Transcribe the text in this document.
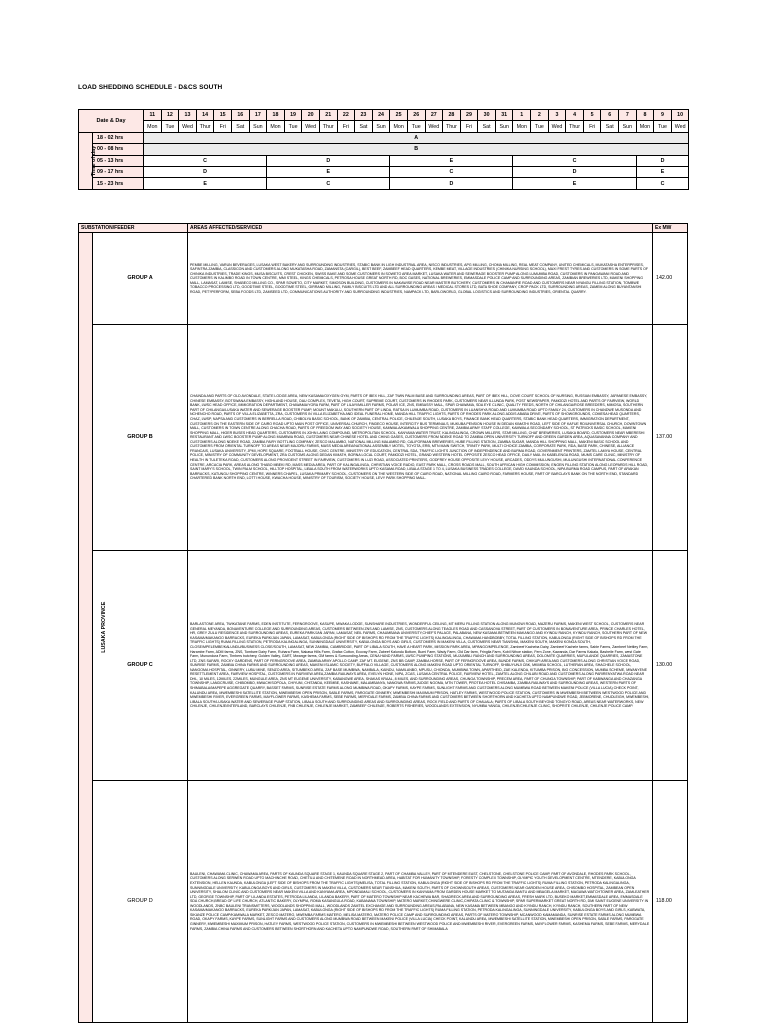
LOAD SHEDDING SCHEDULE - D&CS SOUTH
Date & Day		11	12	13	14	15	16	17	18	19	20	21	22	23	24	25	26	27	28	29	30	31	1	2	3	4	5	6	7	8	9	10
		Mon	Tue	Wed	Thur	Fri	Sat	Sun	Mon	Tue	Wed	Thur	Fri	Sat	Sun	Mon	Tue	Wed	Thur	Fri	Sat	Sun	Mon	Tue	Wed	Thur	Fri	Sat	Sun	Mon	Tue	Wed
Time of day	18 - 02 hrs	A																														
	00 - 08 hrs	B																														
	05 - 13 hrs	C							D							E							C							D		
	09 - 17 hrs	D							E							C							D							E		
	15 - 23 hrs	E							C							D							E							C		
SUBSTATION/FEEDER		AREAS AFFECTED/SERVICED	Ex MW
LUSAKA PROVINCE	GROUP A	PEMBE MILLING, VARUN BEVERAGES, LUSAKA WEST BAKERY AND SURROUNDING INDUSTRIES, STABIC BANK IN LIGH INDUSTRIAL AREA, NISCO INDUSTRIES, APG MILLING, CHOMA MILLING, REAL MEAT COMPANY, UNITED CHEMICALS, MUKATASHA ENTERPRISES, SAFINTRA ZAMBIA, CLASSICON AND CUSTOMERS ALONG MUKATASHA ROAD, ZAMANSTA (CARGIL), BEST BEEF, ZAMBEEF HEAD QUARTERS, KEMBE MEAT, VILLAGE INDUSTRIES (CHINIKA NURSING SCHOOL), MAXI FREST TYRES AND CUSTOMERS IN SOME PARTS OF CHINIKA INDUSTRIES, TRADE KINGS, MUSA BISCUITS, CREST CHICKEN, SWISS BAKE AND SOME CUSTOMERS IN SOWETO AREA MARKET, LUSAKA WATER AND SEWERAGE BOOSTER PUMP ALONG LUMUMBA ROAD, CUSTOMERS IN PANGAWANI ROAD AND CUSTOMERS IN KALIMBO ROAD IN TOWN CENTRE, MMI STEEL, KINGS CHEMICALS, PETROSA HOUSE GREAT NORTH RD, BOC GASES, NATIONAL BREWERIES, EMMASDALE POLICE CAMP AND SURROUNDING AREAS, ZAMBIAN BREWERIES LTD, MAKENI SHOPPING MALL, LAMASAT, LAMISE, SHABECO MILLING CO., SPAR SOWETO, CITY MARKET, SIMOSON BUILDING, CUSTOMERS IN NAKAWISE ROAD NEAR MASTER BUTCHERY, CUSTOMERS IN CHAMANFIE ROAD AND CUSTOMERS NEAR NYANGU FILLING STATION, TOMBWE TOBACCO PROCESSING LTD, GOODTIME STEEL, GOODTIME STEEL, GIRRAND MILLING, FAMILY BISCUITS LTD AND ALL SURROUNDING AREAS / MEDICAL STORES LTD, BATA SHOE COMPANY, CROP PACK LTD, SURROUNDING AREAS, ZAMEM ALONG BUYANTANSHI ROAD, PET?PERFORM, SEBA FOODS LTD, ZAMSEED LTD, COMMUNICATIONS AUTHORITY AND SURROUNDING INDUSTRIES, NAMPACK LTD, BARLOWORLD, GLOBAL LOGISTICS AND SURROUNDING INDUSTRIES, ORIENTAL QUARRY.	142.00
	GROUP B	CHAINDA AND PARTS OF OLD AVONDALE, STATE LODGE AREA, NEW KASAMA/OXYGEN GYM, PARTS OF IBEX HILL, ZAF TWIN PALM BASE AND SURROUNDING AREAS, PART OF IBEX HILL, DOVE COURT SCHOOL OF NURSING, RUSSIAN EMBASSY, JAPANESE EMBASSY, CHINESE EMBASSY, BOTSWANA EMBASSY, HIGHLAND HOUSE, OAU COMPLEX, TEVETA, HIGH COURT, SUPREME COURT, CUSTOMERS IN RHODES PARK, CUSTOMERS NEAR ILLUNDA PARK, POST NEWSPAPER, PAMODZI HOTEL AND PARTS OF FAIRVIEW, WORLD BANK, LWSC HEAD OFFICE, IMMIGRATION DEPARTMENT, CHAWAMA/YORA FARM, PART OF LILAYI/MILLER FARMS, POLAR ICE, ZNS, EMBASSY MALL, SPAR CHAWAMA, SDA EYE CLINIC, QUALITY FEEDS, NORTH OF CHILANGA/ROSE BREEDERS, MIMOSA, SOUTHERN PART OF CHILANGA/LUSAKA WATER AND SEWERAGE BOOSTER PUMP, MOUNT MAKULU, SOUTHERN PART OF LINDA, RATSA IN LUMUMBA ROAD, CUSTOMERS IN LUANSHYA ROAD AND LUMUMBA ROAD UPTO FAMILY 24, CUSTOMERS IN CHANDWE MUSONDA AND NCHENCHO ROAD, PARTS OF VILLA ELIZABETTA, ZRA, CUSTOMERS IN VILLA ELIZABETHA AND IDEAL FUNERAL HOME, MANDA HILL TRAFFIC LIGHTS, PARTS OF RHODES PARK ALONG ADDIS ABABA DRIVE, PARTS OF SHOWGROUNDS, COMESA HEAD QUARTERS, CHAZ, LWSP, NAPSA AND CUSTOMERS IN BERRELLA ROAD, CHIBOLYA BASIC SCHOOL, BANK OF ZAMBIA, CENTRAL POLICE, CHILENJE SOUTH, LUSAKA BOYS, FINANCE BANK HEAD QUARTERS, STABIC BANK HEAD QUARTERS, IMMIGRATION DEPARTMENT, CUSTOMERS ON THE EASTERN SIDE OF CAIRO ROAD UPTO MAIN POST OFFICE, UNIVERSAL CHURCH, FINDECO HOUSE, INTERCITY BUS TERMINALS, MUKUBA PENSION HOUSE IN DEDAN KIMATHI ROAD, LEFT SIDE OF KAFUE RD/UNIVERSAL CHURCH, DOWNTOWN MALL, CUSTOMERS IN TOWN CENTRE ALONG CHACHA ROAD, PARTS OF FREEDOM WAY AND SOCIETY HOUSE, KAMWALA/KAMWALA SHOPPING CENTRE, ZAMBIA ARMY STAFF COLLEGE, KAMWALA SECONDARY SCHOOL, ST PATRICKS BASIC SCHOOL, MAKENI SHOPPING MALL, HIGER BUSES HEAD QUARTERS, CUSTOMERS IN JOHN LAING COMPOUND, METROPOLITAN SCHOOL, KANYAMA WATER TRUST, KALINGALINGA, CROWN MILLERS, STAR MILLING, CHAT BREWERIES, LUSAKA BOARD, CUSTOMERS NEAR MBERESHI RESTAURANT AND LWSC BOOSTER PUMP ALONG MUMBWA ROAD, CUSTOMERS NEAR CHINESE HOTEL AND CHING GASES, CUSTOMERS FROM NDEKE ROAD TO ZAMBIA OPEN UNIVERSITY TURNOFF AND GREEN GARDEN AREA, AQUASAVANNA COMPANY AND CUSTOMERS ALONG NDEKE ROAD, ZAMBIA FAIRY BOTTLING COMPANY, ZESCO MALAMBO, NATIONAL MILLING MALAMBO RD, CALIFORNIAN BREWERIES, HUBE FILLING STATION, ZAMBIA SUGAR, MANDA HILL SHOPPING MALL, MAKENI BASIC SCHOOL AND CUSTOMERS FROM ORIENTAL TURNOFF TO AREAS NEAR MAJORU FARMS, MASS MEDIA AREA/NATIONAL ASSEMBLY MOTEL, TOYOTA, ERB, MTN MAIN SWITCH, TRINITY PARK, MULTI CHOICE ZAMBIA, CORPORATE PARK, RDA, BASE PARK, CHINESE, ALLIANCE FRANCAIS, LUSAKA UNIVERSITY, JPMI, HOPE SQUARE, FOOTBALL HOUSE, CIVIC CENTRE, MINISTRY OF EDUCATION, CENTRAL SDA, TRAFFIC LIGHTS JUNCTION OF INDEPENDENCE AND BURMA ROAD, GOVERNMENT PRINTERS, ZAMTEL LAMYA HOUSE, CENTRAL POLICE, MINISTRY OF COMMUNITY DEVELOPMENT, ZRA CUSTOMS ALONG DEDAN KIMATH, BORNA LOCAL COURT, PAMODZI HOTEL, GRAND WESTERN HOTEL OPPOSITE ZESCO HEAD OFFICE, DAILY MAIL IN KABELENGA ROAD, MUMS CARE CLINIC, MINISTRY OF HEALTH IN TULETEKA ROAD, CUSTOMERS ALONG PROVIDENT STREET IN FAIRVIEW, CUSTOMERS IN LUZI ROAD, ASSOCIATED PRINTERS, GODFREY HOUSE OPPOSITE LEVY HOUSE, ARCADES, ODDYS MULUNGUSHI, MULUNGUSHI INTERNATIONAL CONFERENCE CENTRE, ARCACIA PARK, AREAS ALONG THABO MBEKI RD, MASS MEDIA AREA, PART OF KALINGALINGA, CHRISTIAN VOICE RADIO, EAST PARK MALL, CROSS ROADS MALL, SOUTH AFRICAN HIGH COMMISSION, ENGEN FILLING STATION ALONG LEOPARDS HILL ROAD, SAINT MARY'S SCHOOL, TWIN PALM SCHOOL, HILLTOP HOSPITAL, LIBALA SOUTH FROM WATERWORKS UPTO KASAMA ROAD, LIBALA STAGE 1 TO 4, LUSAKA BUSINESS TRADES COLLEGE, DAVID KAUNDA SCHOOL, NIPA BURMA ROAD CAMPUS, PART OF ARAKAN BARRACKS, KATUNGU SHOPPING CENTRE, WINNERS CHAPEL, LUSAKA PRIMARY SCHOOL, CUSTOMERS ON THE WESTERN SIDE OF CAIRO ROAD, NATIONAL MILLING CAIRO ROAD, FARMERS HOUSE, PART OF BARCLAYS BANK ON THE NORTH END, STANDARD CHARTERED BANK NORTH END, LOTTI HOUSE, KWACHA HOUSE, MINISTRY OF TOURISM, SOCIETY HOUSE, LEVY PARK SHOPPING MALL.	137.00
	GROUP C	BARLASTONE AREA, TWIKATANE FARMS, EDEN INSTITUTE, FERNGROOVE, KASUPE, MWAKA LODGE, SUNSHARE INDUSTRIES, WONDERFUL CEILING, MT MERU FILLING STATION ALONG MUNGWI ROAD, MAZERU FARMS, MAKENI WEST SCHOOL, CUSTOMERS NEAR GENERAL MEYANDA, BONAVENTURE COLLEGE AND SURROUNDING AREAS, CUSTOMERS BETWEEN ZNS AND LAMISE, ZNS, CUSTOMERS ALONG TEAGLES ROAD AND CASSANOVA STREET, PART OF CUSTOMERS IN BONAVENTURE AREA, PRINCE CHARLES HOTEL, HR, GREY ZULU RESIDENCE AND SURROUNDING AREAS, EUREKA PARK/JAN JAPAN, LAMASAT, NEIL FARMS, CHAUMBANA UNIVERSITY,CHIEF'S PALACE, PALABANA, NEW KASAMA BETWEEN MAKANGO AND KYINDU RANCH, KYINDU RANCH, SOUTHERN PART OF NEW KASAMA/MAKANGO BARRACKS, EUREKA PARK/JAN JAPAN, LAMASAT, KABULONGA (RIGHT SIDE OF BISHOPS RD FROM THE TRAFFIC LIGHTS) KALINGALINGA, CHAWAMA HANDBOBBY, TOTAL FILLING STATION, KABULONGA (RIGHT SIDE OF BISHOPS RD FROM THE TRAFFIC LIGHTS) RUMA FILLING STATION, PETRODA KALINGALINGA, SUNNINGDALE UNIVERSITY, KABULONGA BOYS AND GIRLS, CUSTOMERS IN MAKENI VILLA, CUSTOMERS NEAR TIANSHIA, MAKENI SOUTH, MAKENI KONGA SOUTH, CLOSE/MPELEMBE/KALUNDU/BUSINESS CLOSE/SOUTH, LAMASAT, NEW ZAMBIA, CAMBRIDGE, PART OF LIBALA SOUTH, HAVE A HEART PARK, MISSION PARK AREA, MPANGO/MPELENGE, Zambeef Kacheba Dairy, Zambeef Kachele farms, Sable Farms, Zambeef Nettley Farm, Harambe Farm, ADM farms, ZNS, Tombwe Dairy Farm, Ruhara Farm, Nakasa Hills Farm, Grafax Cotton, Ecovay Farm, Zabeef Kalundu Bottom, Bumi Farm, Wady Farm, Old Dar farm, Fringila Farm, Kobil Nthoe station, Fern Zone, Kawanda, Dar Farms Kakala, Basheile Farm, west Gate Farm, Munundura Farm, Timbers butchery, Golden Valley, GART, Mwange farms, GM farms & Surrounding Areas, CENA HAND FARMS, LWSC PUMPING STATIONS, MUJUMBILI RANCH AND SURROUNDING AREAS, DOLOMITE QUARRIES, MUFULANDE QUARRIES, ZAMASTONE LTD, ZNS SAFARI, ROCKY GARDENS, PART OF FERNGROOVE AREA, ZAMBIA ARMY APOLLO CAMP, ZAF MT. EUGENE, ZNS BB CAMP, ZAMBIA HORSE, PART OF FERNGROOVE AREA, BUNDE FARMS, CHIKUPI AREA AND CUSTOMERS ALONG CHRISTIAN VOICE ROAD, SUNRISE FARMS, ZAMBIA CHINA FARMS AND SURROUNDING AREAS, MAKENI ISLAMIC SOCIETY, BUFFALO VILLAGE, CUSTOMERS ALONG MAKENI ROAD UPTO ORIENTAL TURNOFF, SHIBUYUNJI CBK, MKIMBA SCHOOL, LUTHERAN AREA, SHACHELE SCHOOL, NANGOMA HOSPITAL, GINNERY, LUBU MINE, SENZO AREA, SITUMBEKO AREA, ZAF BASE MUMBWA, NAMBALA, KAINDU, NAMILANBO, MPUSU, CHIONDA, MUMBWA TOWN, APARTHEID, ZAE KALENDA, KITUMBA PRISON, BIG CONCESSION, MUMBA SCHEME, MWANYENE RESETTLEMENT AREA, FAIRVIEW HOSPITAL, CUSTOMERS IN FAIRVIEW AREA,ZAMBIA RAILWAYS AREA, EVELYN HONE, NIPA, ZCAS, LUSAKA CENTRAL POLICE, FAIRVIEW HOTEL, ZAMTEL ALONG CHILUBI ROAD AND CUSTOMERS ALONG PARIRENYATWA ROAD NEAR DHL, 10 MILES, 12MILES, 22MILES, MUNGULE AREA, ZNS MT EUGENE UNIVERSITY, KABANGWE AREA, SHAKAS KRAAL, 8 MILES, AND SURROUNDING AREAS, CHUNGA TOWNSHIP, PRECEM AREA, PART OF CHUNGA TOWNSHIP, PART OF KABWANGA AND CHAZANGA TOWNSHIP, LANDCRUISE, CHIBOMBO, MWACHISOPOLA, CHIYUNI, CHITANDA, KEEMBE, KASHAWE, MALAMBANYA, NANGWA FARMS,JUDGE NGOMA, MTN TOWER, PROTEA HOTEL CHISAMBA, ZAMBIA RAILWAYS AND SURROUNDING AREAS, WESTERN PARTS OF SHIMABALA/MAPEPE AGGREGATE QUARRY, BASSET FARMS, SUNRISE ESTATE FARMS ALONG MUMBWA ROAD, OKAPY FARMS, KAYPE FARMS, SUNLIGHT FARMS AND CUSTOMERS ALONG MUMBWA ROAD BETWEEN MAKENI POLICE (VILLA LUCIA) CHECK POINT, KALUNDU AREA, MWEMBESHI SATELLITE STATION, MWEMBESHI OPEN PRISON, SABLE FARMS, PAROGATE GINNERY, MWEMBESHI MAXIMUM PRISON, HATLEY FARMS, WESTWOOD POLICE STATION, CUSTOMERS IN MWEMBESHI BETWEEN WESTWOOD POLICE AND MWEMBESHI RIVER, EVERGREEN FARMS, MAYFLOWER FARMS, KASHEMA FARMS, SEBE FARMS, MERYDALE FARMS, ZAMBIA CHINA FARMS AND CUSTOMERS BETWEEN SHORTHORN AND KACHETA UPTO NAMPUNDWE ROAD, JEBMORENE, CHUDLEIGH, MWEMBESHI, LIBALA SOUTH/LUSAKA WATER AND SEWERAGE PUMP STATION, LIBALA SOUTH AND SURROUNDING AREAS AND SURROUNDING AREAS, ROCK FIELD AND PARTS OF CHAUALA; PARTS OF LIBALA SOUTH BEYOND TONGYO ROAD, AREAS NEAR WATERWORKS, NEW CHILENJE, CHILENJE/INTERLAND, BARCLAYS CHILENJE, FNB CHILENJE, CHILENJE MARKET, ZAMBEEF CHILENJE, ROBERTS FISHERIES, WOODLANDS EXTENSION, NYUMBA YANGA, CHILENJE/CHILENJE CLINIC, SHOPRITE CHILENJE, CHILENJE POLICE CAMP.	130.00
	GROUP D	BAULENI, CHAWAMA CLINIC, CHAWAMA AREA, PARTS OF KAUNDA SQUARE STAGE 1, KAUNDA SQUARE STAGE 2, PART OF CHAMBA VALLEY, PART OF MTENDERE EAST, CHELSTONE, CHELSTONE POLICE CAMP, PART OF AVONDALE, RHODES PARK SCHOOL, CUSTOMERS ALONG SERWEN ROAD UPTO MACHINCHE ROAD, CHETILU AND CHITEMENE ROAD IN NORTHMEAD AREA, HABITAT FOR HUMANITY TOWNSHIP, FORESTY COMPLEX TOWNSHIP, OLYMPIC YOUTH DEVELOPMENT CENTRE, MTENDERE, KABULONGA EXTENSION, HELLEN KAUNDA, KABULONGA (LEFT SIDE OF BISHOPS FROM THE TRAFFIC LIGHTS)/MELISA, TOTAL FILLING STATION, KABULONGA (RIGHT SIDE OF BISHOPS RD FROM THE TRAFFIC LIGHTS) RUMA FILLING STATION, PETRODA KALINGALINGA, SUNNINGDALE UNIVERSITY, KABULONGA BOYS AND GIRLS, CUSTOMERS IN MAKENI VILLA, CUSTOMERS NEAR TIANSHUA, MAKENI SOUTH, PARTS OF CHOWNSOUTH AREAS, CUSTOMERS NEAR GARDEN HOUSE AREA, CHISOMBO HOSPITAL, ZAMBEAN OPEN UNIVERSITY, SHALOM CLINIC AND CUSTOMERS NEAR MAKENI VILLA AND KANYAMA AREA, MPONDAMALI SCHOOL, CUSTOMERS IN KANYAMA FROM GARDEN HOUSE MARKET TO MUTANDA BANTU AND MBAGELA MARKET, MAGAWA WATCHTOWER AREA, ZAMLEATHER LTD, GEORGE TOWNSHIP, PART OF LILANDA ESTATES, PETRODA LILANDA, LILANDA BAKERY, PART OF MATERO TOWNSHIP NEAR KACHEWA BAR, SHADRECK AREA AND SURROUNDING AREAS, FRESH MARK LTD, BUSEKO MARKET,EMMASDALE AREA, EMMASDALE SDA CHURCH,BREAD OF LIFE CHURCH, ATLANTIC BAKERY, OLYMPIA, ROMA KASANGULA ROAD, KABANANA TOWNSHIP, MATERO MARKET,CHINGWERE CLINIC,CHIPATA CLINIC & TOWNSHIP, SPAR SUPERMARKET GREAT NORTH RD, DMI SAINT EUGENE UNIVERSITY IN WOODLANDS, ZNBC BAULENI TRANSMITTERS, WOODLANDS SHOPPING MALL, WOODLANDS ZAMTEL EXCHANGE AND SURROUNDING AREAS,PALABANA, NEW KASAMA BETWEEN MBANGO AND KYINDU RANCH, KYINDU RANCH, SOUTHERN PART OF NEW KASAMA/MAKANGO BARRACKS, EUREKA PARK/JAN JAPAN, LAMASAT, KABULONGA (RIGHT SIDE OF BISHOPS RD FROM THE TRAFFIC LIGHTS) RUMA FILLING STATION, PETRODA KALINGALINGA, SUNNINGDALE UNIVERSITY, KABULONGA BOYS AND GIRLS, KABWATA, SIKANZE POLICE CAMP/KAMWALA MARKET, ZESCO MATERO, MWEMBA FARMS MATERO, MELISA MATERO, MATERO POLICE CAMP AND SURROUNDING AREAS, PARTS OF MATERO TOWNSHIP, MCANWOOD KAMAMANDA, SUNRISE ESTATE FARMS ALONG MUMBWA ROAD, OKAPY FARMS, KAYPE FARMS, SUNLIGHT FARMS AND CUSTOMERS ALONG MUMBWA ROAD BETWEEN MAKENI POLICE (VILLA LUCIA) CHECK POINT, KALUNDU AREA, MWEMBESHI SATELLITE STATION, MWEMBESHI OPEN PRISON, SABLE FARMS, PAROGATE GINNERY, MWEMBESHI MAXIMUM PRISON, HATLEY FARMS, WESTWOOD POLICE STATION, CUSTOMERS IN MWEMBESHI BETWEEN WESTWOOD POLICE AND MWEMBESHI RIVER, EVERGREEN FARMS, MAYFLOWER FARMS, KASHEMA FARMS, SEBE FARMS, MERYDALE FARMS, ZAMBIA CHINA FARMS AND CUSTOMERS BETWEEN SHORTHORN AND KACHETA UPTO NAMPUNDWE ROAD, SOUTHERN PART OF SHIMABALA	118.00
